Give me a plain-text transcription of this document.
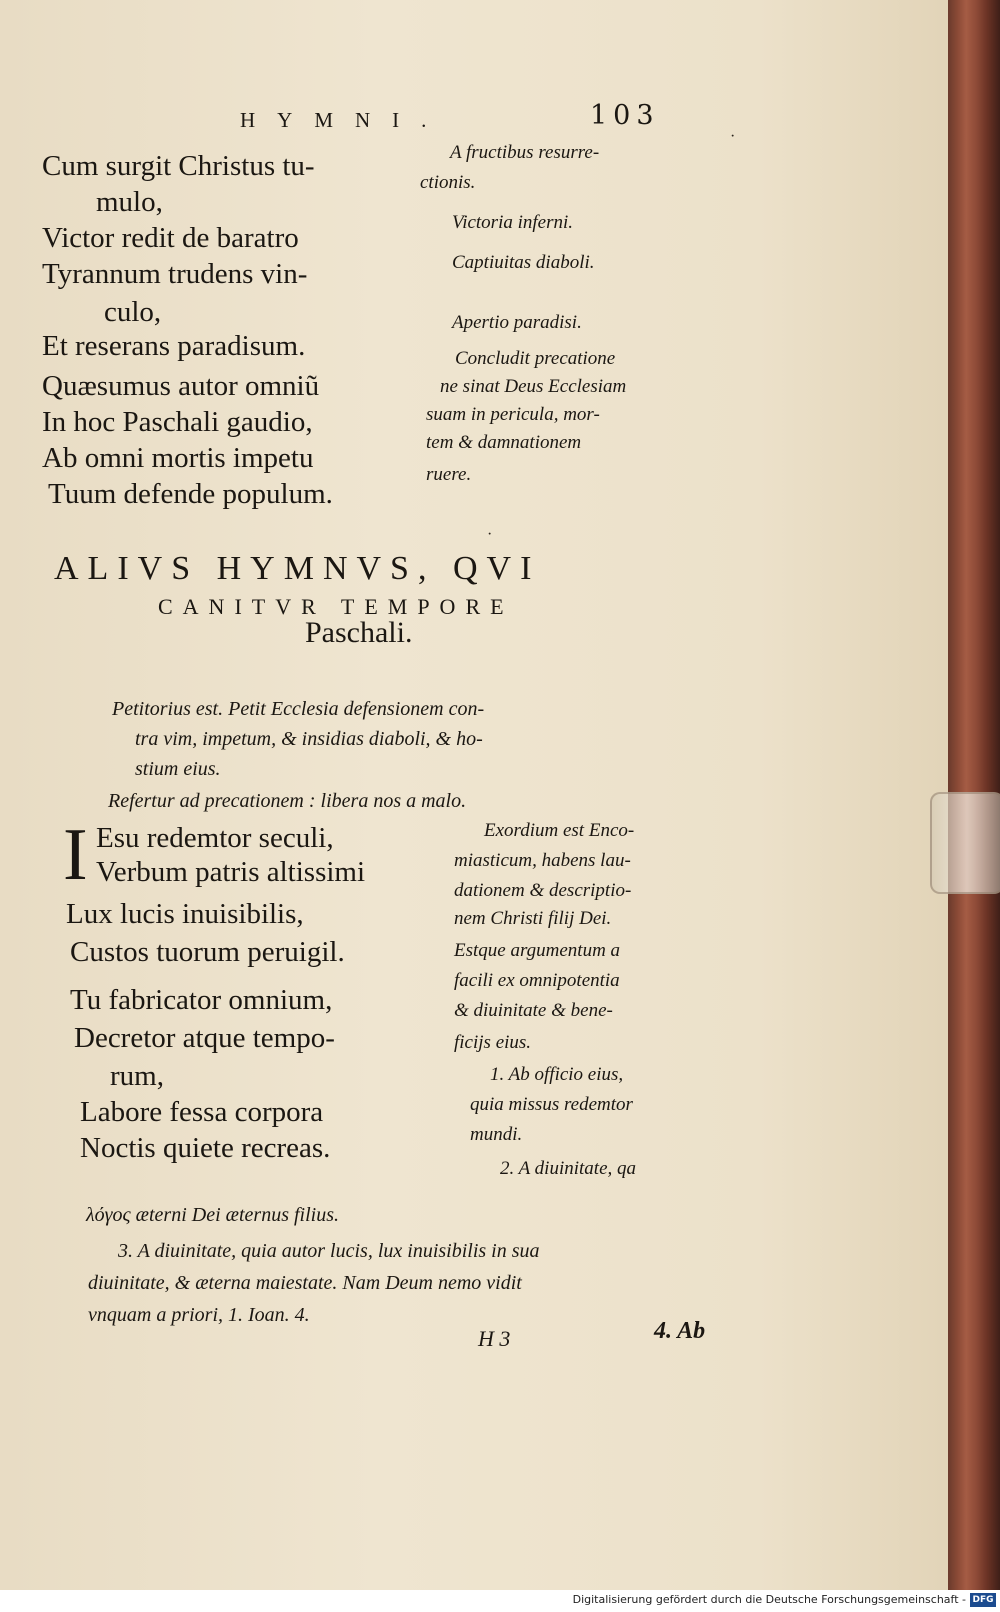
HYMNI.	103
Cum surgit Christus tu-
mulo,
Victor redit de baratro
Tyrannum trudens vin-
culo,
Et reserans paradisum.
Quæsumus autor omniũ
In hoc Paschali gaudio,
Ab omni mortis impetu
Tuum defende populum.
A fructibus resurre-
ctionis.
Victoria inferni.
Captiuitas diaboli.
Apertio paradisi.
Concludit precatione
ne sinat Deus Ecclesiam
suam in pericula, mor-
tem & damnationem
ruere.
ALIVS HYMNVS, QVI
CANITVR TEMPORE
Paschali.
Petitorius est. Petit Ecclesia defensionem con-
tra vim, impetum, & insidias diaboli, & ho-
stium eius.
Refertur ad precationem : libera nos a malo.
I Esu redemtor seculi,
Verbum patris altissimi
Lux lucis inuisibilis,
Custos tuorum peruigil.
Tu fabricator omnium,
Decretor atque tempo-
rum,
Labore fessa corpora
Noctis quiete recreas.
Exordium est Enco-
miasticum, habens lau-
dationem & descriptio-
nem Christi filij Dei.
Estque argumentum a
facili ex omnipotentia
& diuinitate & bene-
ficijs eius.
1. Ab officio eius,
quia missus redemtor
mundi.
2. A diuinitate, qa
λόγος æterni Dei æternus filius.
3. A diuinitate, quia autor lucis, lux inuisibilis in sua
diuinitate, & æterna maiestate. Nam Deum nemo vidit
vnquam a priori, 1. Ioan. 4.
H 3	4. Ab
·
·
Digitalisierung gefördert durch die Deutsche Forschungsgemeinschaft - DFG
